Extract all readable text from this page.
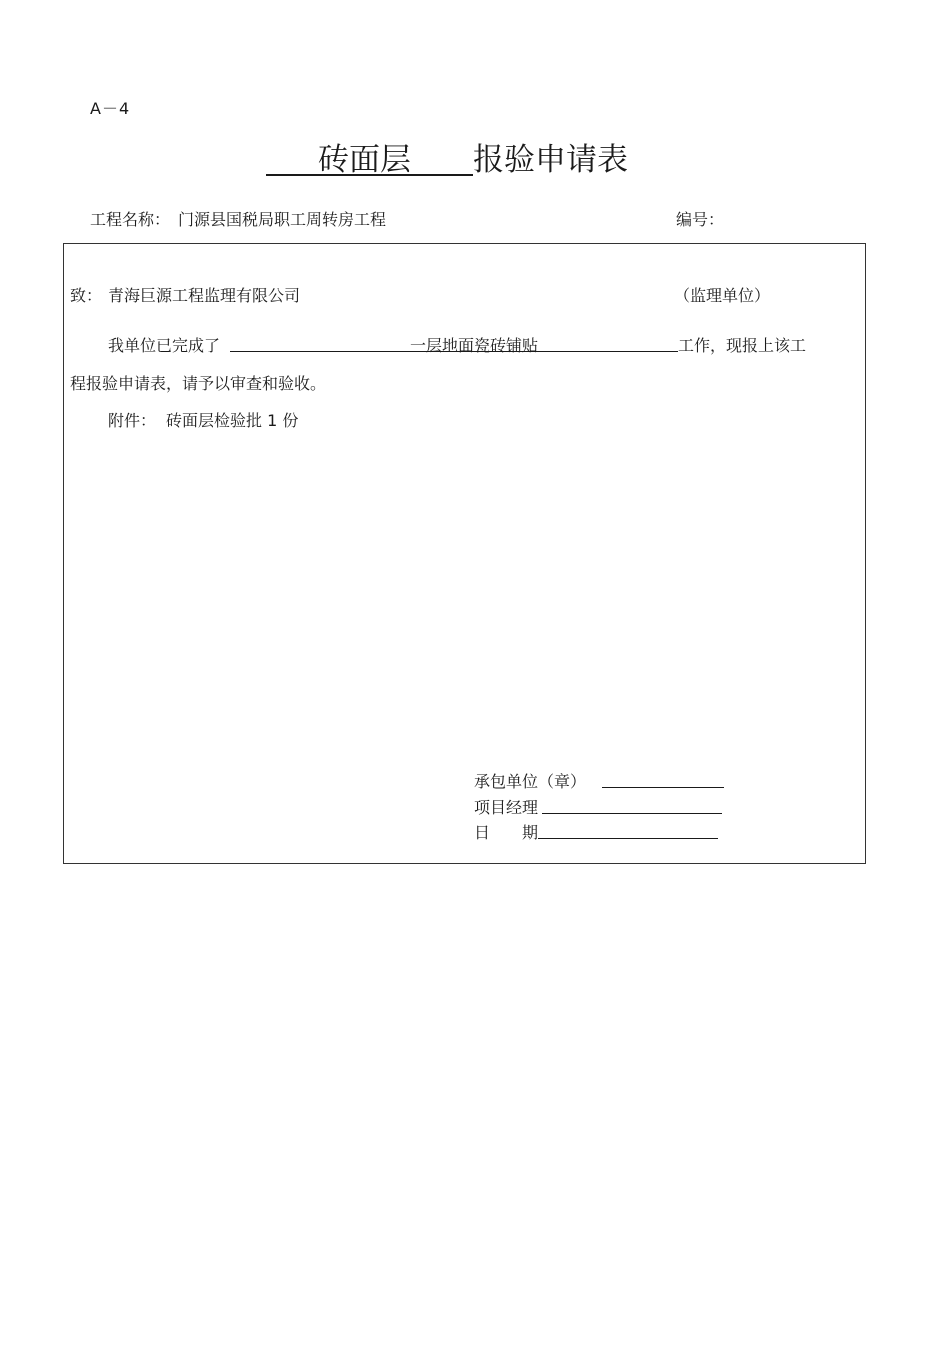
A－4
砖面层 报验申请表
工程名称： 门源县国税局职工周转房工程	编号：
致： 青海巨源工程监理有限公司	（监理单位）
我单位已完成了	一层地面瓷砖铺贴	工作，现报上该工
程报验申请表，请予以审查和验收。
附件： 砖面层检验批 1 份
承包单位（章）
项目经理
日　　期
